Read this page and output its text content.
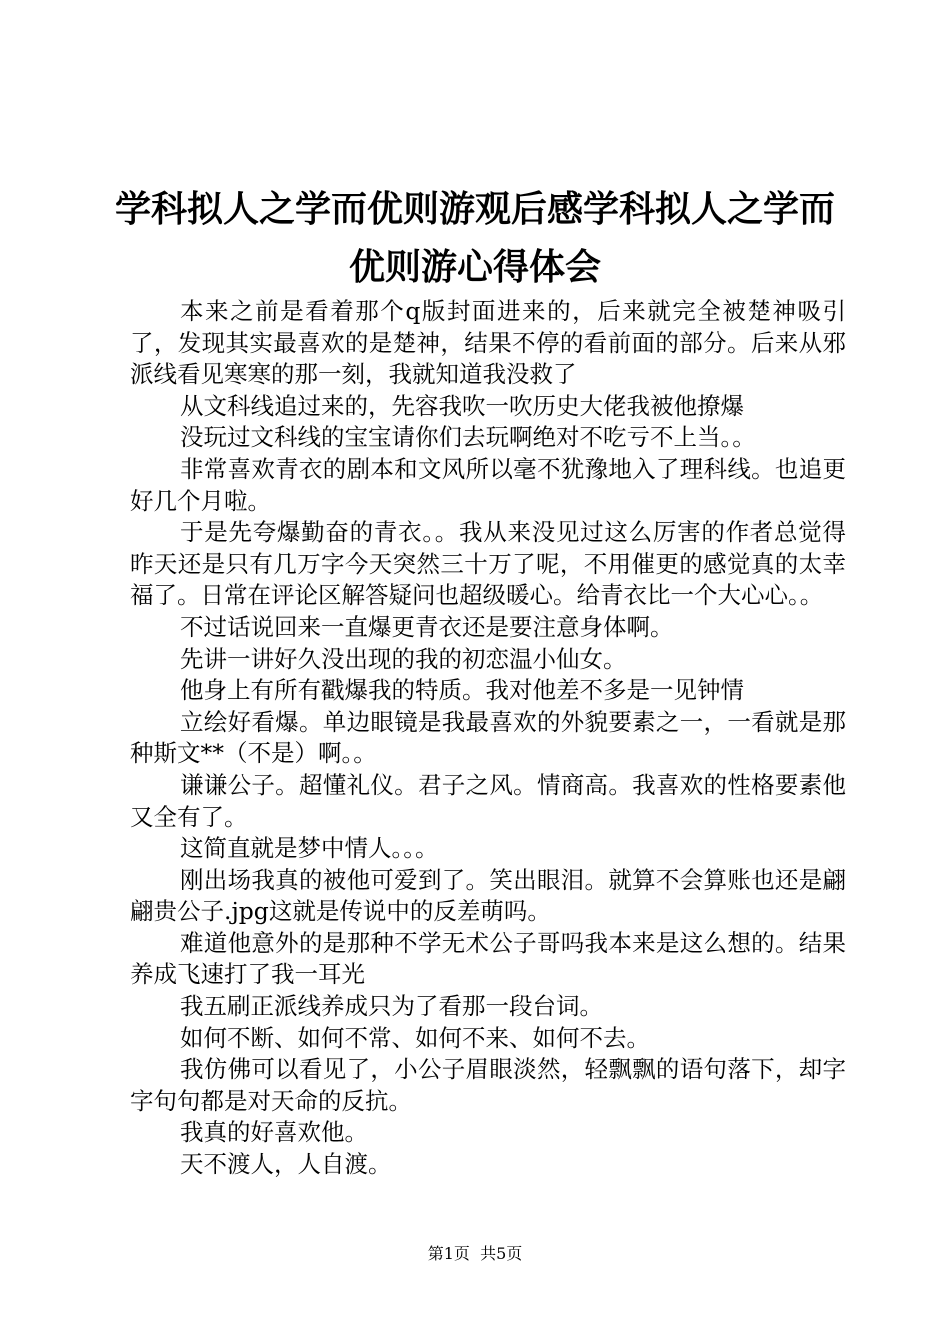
学科拟人之学而优则游观后感学科拟人之学而
优则游心得体会

本来之前是看着那个q版封面进来的，后来就完全被楚神吸引了，发现其实最喜欢的是楚神，结果不停的看前面的部分。后来从邪派线看见寒寒的那一刻，我就知道我没救了

从文科线追过来的，先容我吹一吹历史大佬我被他撩爆

没玩过文科线的宝宝请你们去玩啊绝对不吃亏不上当。。

非常喜欢青衣的剧本和文风所以毫不犹豫地入了理科线。也追更好几个月啦。

于是先夸爆勤奋的青衣。。我从来没见过这么厉害的作者总觉得昨天还是只有几万字今天突然三十万了呢，不用催更的感觉真的太幸福了。日常在评论区解答疑问也超级暖心。给青衣比一个大心心。。

不过话说回来一直爆更青衣还是要注意身体啊。

先讲一讲好久没出现的我的初恋温小仙女。

他身上有所有戳爆我的特质。我对他差不多是一见钟情

立绘好看爆。单边眼镜是我最喜欢的外貌要素之一，一看就是那种斯文**（不是）啊。。

谦谦公子。超懂礼仪。君子之风。情商高。我喜欢的性格要素他又全有了。

这简直就是梦中情人。。。

刚出场我真的被他可爱到了。笑出眼泪。就算不会算账也还是翩翩贵公子.jpg这就是传说中的反差萌吗。

难道他意外的是那种不学无术公子哥吗我本来是这么想的。结果养成飞速打了我一耳光

我五刷正派线养成只为了看那一段台词。

如何不断、如何不常、如何不来、如何不去。

我仿佛可以看见了，小公子眉眼淡然，轻飘飘的语句落下，却字字句句都是对天命的反抗。

我真的好喜欢他。

天不渡人，人自渡。

第1页  共5页
